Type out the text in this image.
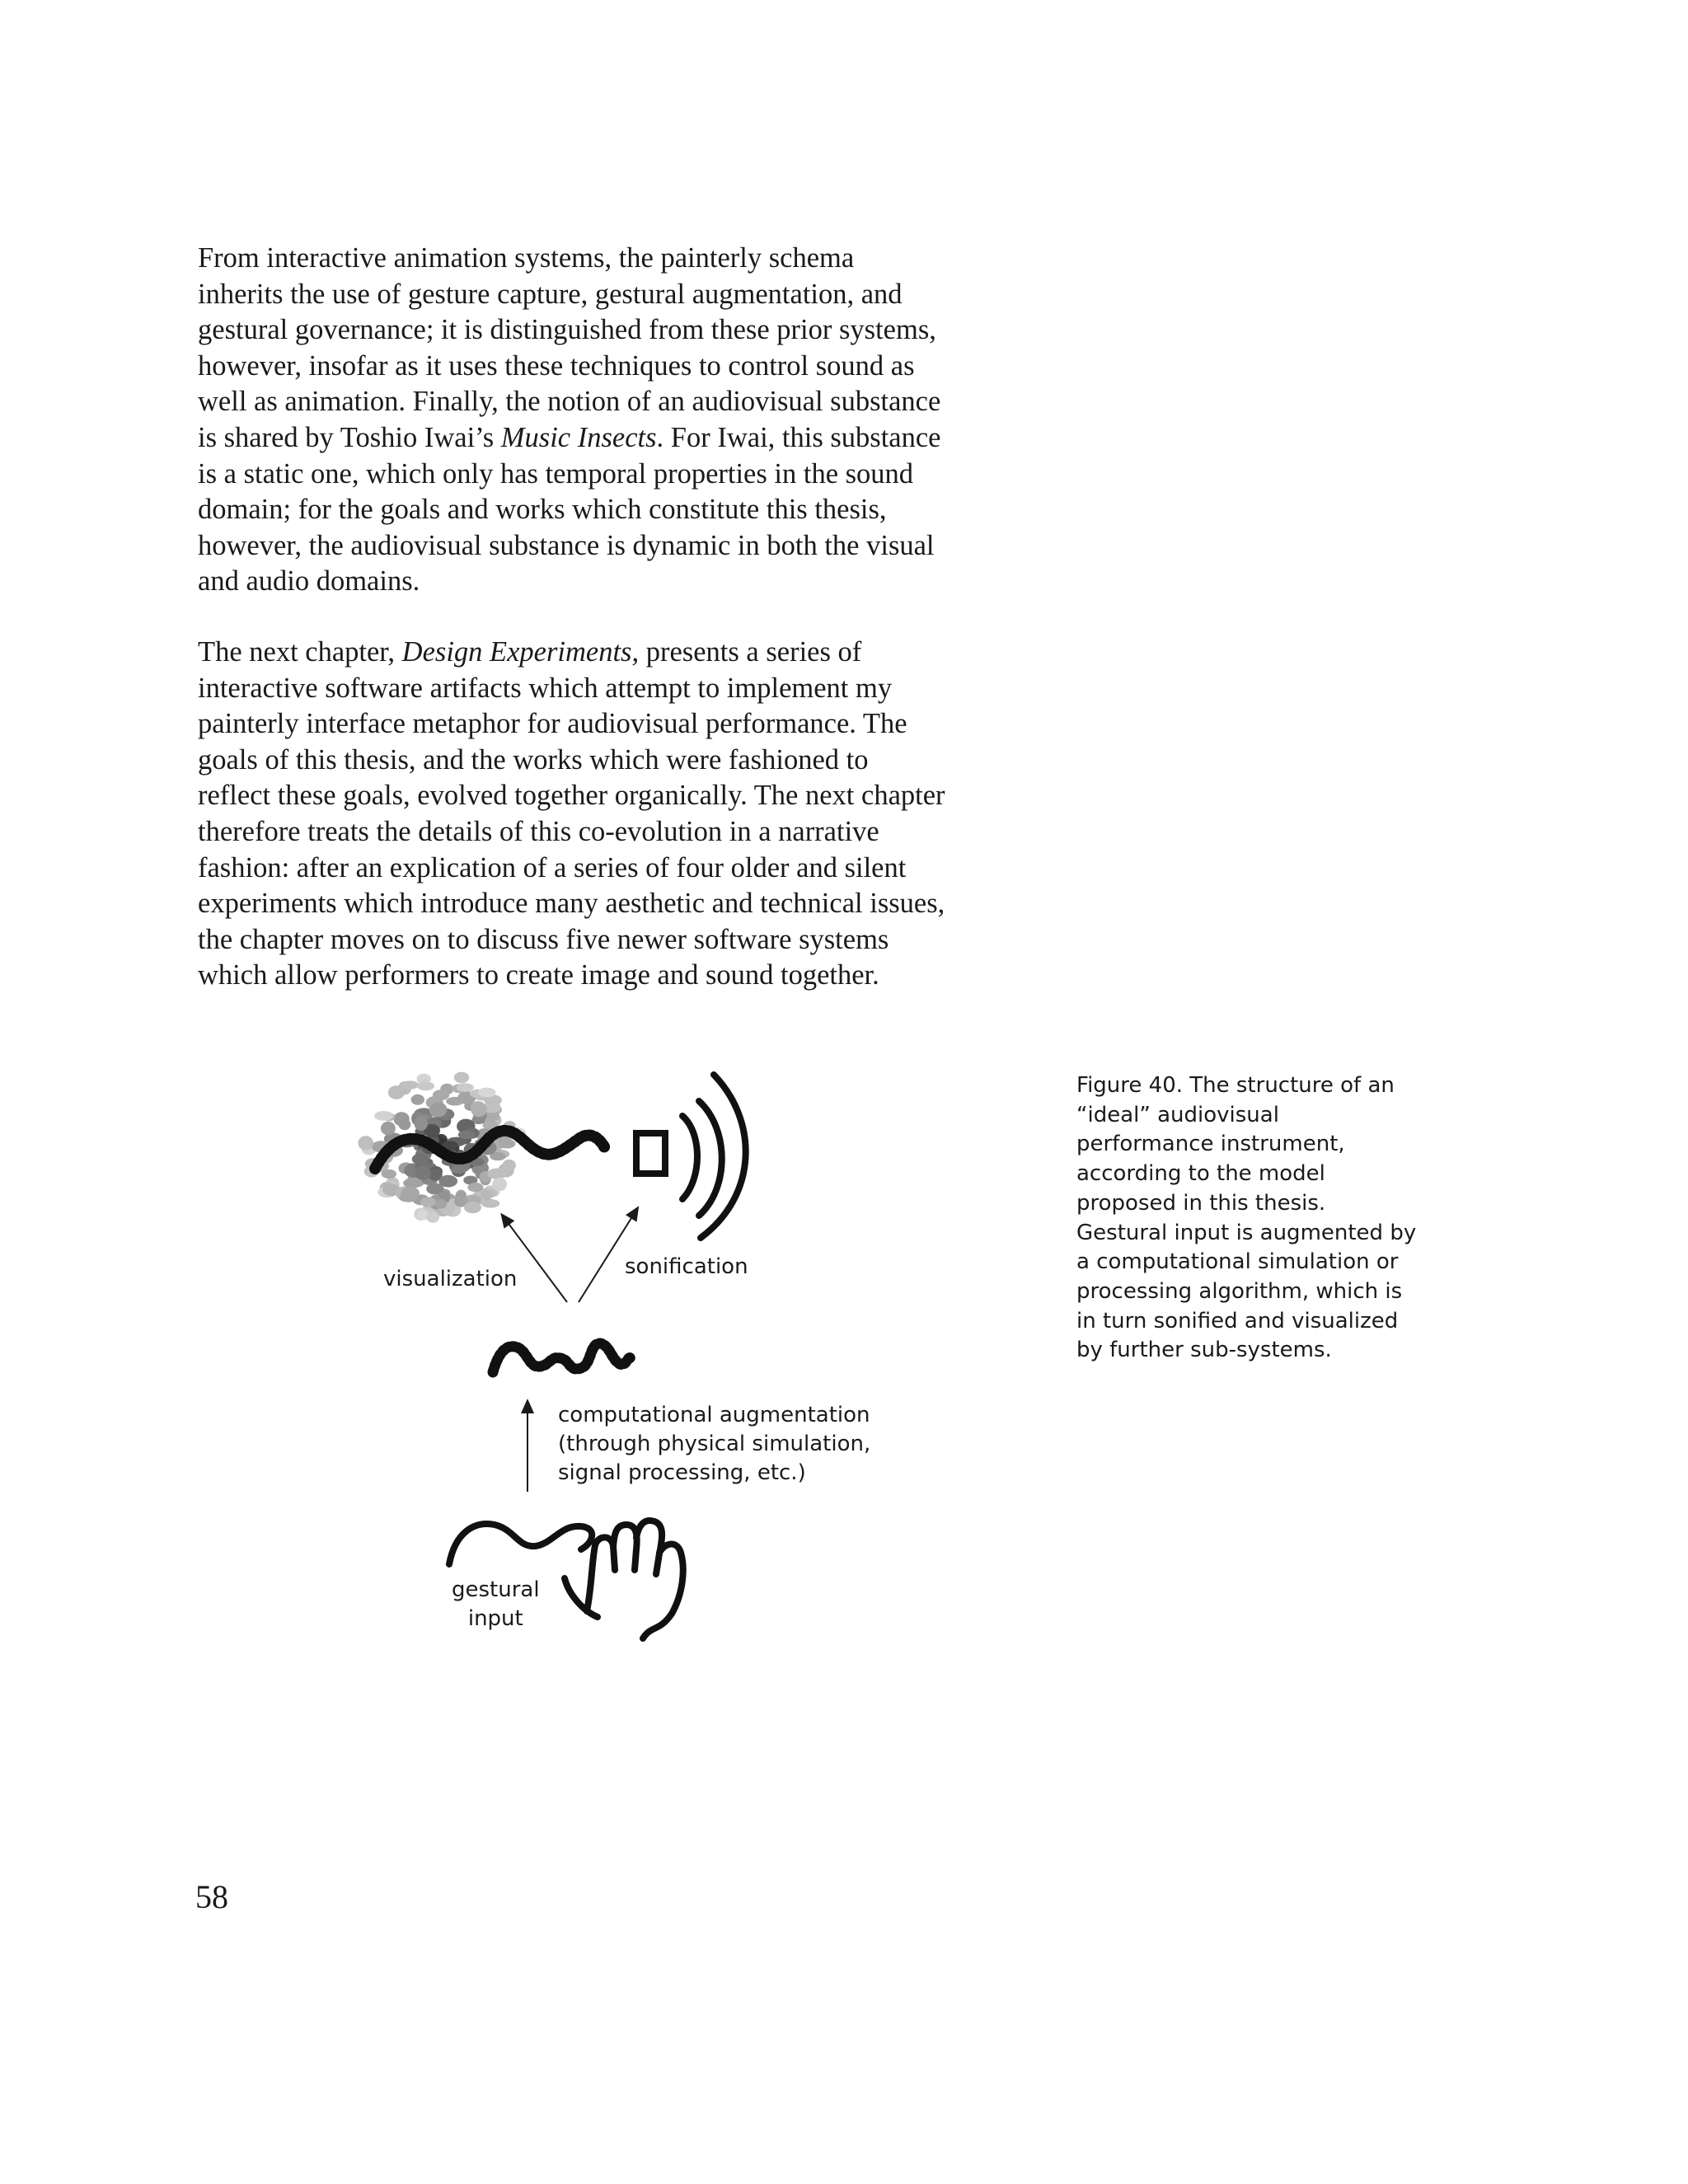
From interactive animation systems, the painterly schema
inherits the use of gesture capture, gestural augmentation, and
gestural governance; it is distinguished from these prior systems,
however, insofar as it uses these techniques to control sound as
well as animation. Finally, the notion of an audiovisual substance
is shared by Toshio Iwai’s Music Insects. For Iwai, this substance
is a static one, which only has temporal properties in the sound
domain; for the goals and works which constitute this thesis,
however, the audiovisual substance is dynamic in both the visual
and audio domains.
The next chapter, Design Experiments, presents a series of
interactive software artifacts which attempt to implement my
painterly interface metaphor for audiovisual performance. The
goals of this thesis, and the works which were fashioned to
reflect these goals, evolved together organically. The next chapter
therefore treats the details of this co-evolution in a narrative
fashion: after an explication of a series of four older and silent
experiments which introduce many aesthetic and technical issues,
the chapter moves on to discuss five newer software systems
which allow performers to create image and sound together.
visualization	sonification
computational augmentation
(through physical simulation,
signal processing, etc.)
gestural
input
Figure 40. The structure of an
“ideal” audiovisual
performance instrument,
according to the model
proposed in this thesis.
Gestural input is augmented by
a computational simulation or
processing algorithm, which is
in turn sonified and visualized
by further sub-systems.
58
